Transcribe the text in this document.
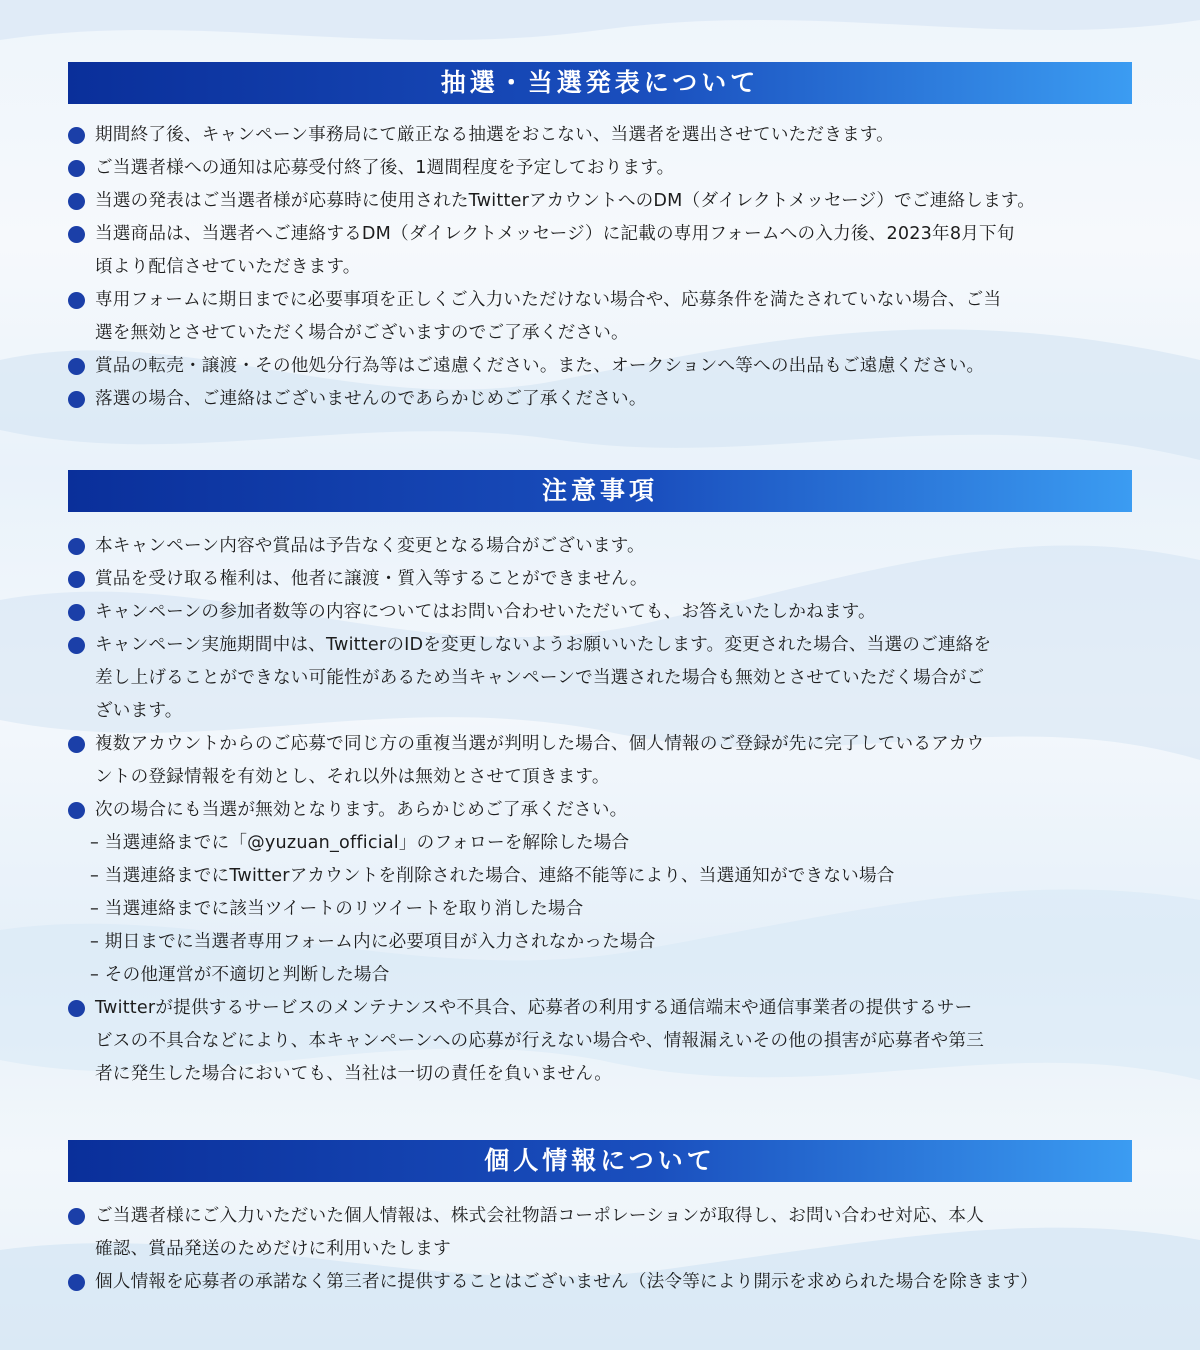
抽選・当選発表について
期間終了後、キャンペーン事務局にて厳正なる抽選をおこない、当選者を選出させていただきます。
ご当選者様への通知は応募受付終了後、1週間程度を予定しております。
当選の発表はご当選者様が応募時に使用されたTwitterアカウントへのDM（ダイレクトメッセージ）でご連絡します。
当選商品は、当選者へご連絡するDM（ダイレクトメッセージ）に記載の専用フォームへの入力後、2023年8月下旬
頃より配信させていただきます。
専用フォームに期日までに必要事項を正しくご入力いただけない場合や、応募条件を満たされていない場合、ご当
選を無効とさせていただく場合がございますのでご了承ください。
賞品の転売・譲渡・その他処分行為等はご遠慮ください。また、オークションへ等への出品もご遠慮ください。
落選の場合、ご連絡はございませんのであらかじめご了承ください。
注意事項
本キャンペーン内容や賞品は予告なく変更となる場合がございます。
賞品を受け取る権利は、他者に譲渡・質入等することができません。
キャンペーンの参加者数等の内容についてはお問い合わせいただいても、お答えいたしかねます。
キャンペーン実施期間中は、TwitterのIDを変更しないようお願いいたします。変更された場合、当選のご連絡を
差し上げることができない可能性があるため当キャンペーンで当選された場合も無効とさせていただく場合がご
ざいます。
複数アカウントからのご応募で同じ方の重複当選が判明した場合、個人情報のご登録が先に完了しているアカウ
ントの登録情報を有効とし、それ以外は無効とさせて頂きます。
次の場合にも当選が無効となります。あらかじめご了承ください。
– 当選連絡までに「@yuzuan_official」のフォローを解除した場合
– 当選連絡までにTwitterアカウントを削除された場合、連絡不能等により、当選通知ができない場合
– 当選連絡までに該当ツイートのリツイートを取り消した場合
– 期日までに当選者専用フォーム内に必要項目が入力されなかった場合
– その他運営が不適切と判断した場合
Twitterが提供するサービスのメンテナンスや不具合、応募者の利用する通信端末や通信事業者の提供するサー
ビスの不具合などにより、本キャンペーンへの応募が行えない場合や、情報漏えいその他の損害が応募者や第三
者に発生した場合においても、当社は一切の責任を負いません。
個人情報について
ご当選者様にご入力いただいた個人情報は、株式会社物語コーポレーションが取得し、お問い合わせ対応、本人
確認、賞品発送のためだけに利用いたします
個人情報を応募者の承諾なく第三者に提供することはございません（法令等により開示を求められた場合を除きます）
